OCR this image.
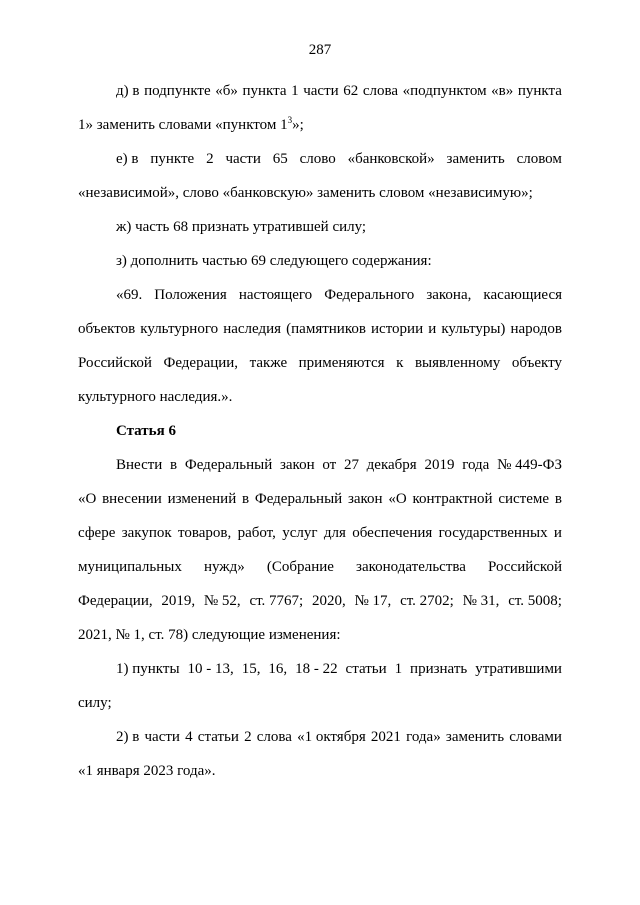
287
д) в подпункте «б» пункта 1 части 62 слова «подпунктом «в» пункта
1» заменить словами «пунктом $1^3$»;
е) в пункте 2 части 65 слово «банковской» заменить словом
«независимой», слово «банковскую» заменить словом «независимую»;
ж) часть 68 признать утратившей силу;
з) дополнить частью 69 следующего содержания:
«69. Положения настоящего Федерального закона, касающиеся
объектов культурного наследия (памятников истории и культуры) народов
Российской Федерации, также применяются к выявленному объекту
культурного наследия.».
Статья 6
Внести в Федеральный закон от 27 декабря 2019 года № 449-ФЗ
«О внесении изменений в Федеральный закон «О контрактной системе в
сфере закупок товаров, работ, услуг для обеспечения государственных и
муниципальных нужд» (Собрание законодательства Российской
Федерации, 2019, № 52, ст. 7767; 2020, № 17, ст. 2702; № 31, ст. 5008;
2021, № 1, ст. 78) следующие изменения:
1) пункты 10 - 13, 15, 16, 18 - 22 статьи 1 признать утратившими
силу;
2) в части 4 статьи 2 слова «1 октября 2021 года» заменить словами
«1 января 2023 года».
